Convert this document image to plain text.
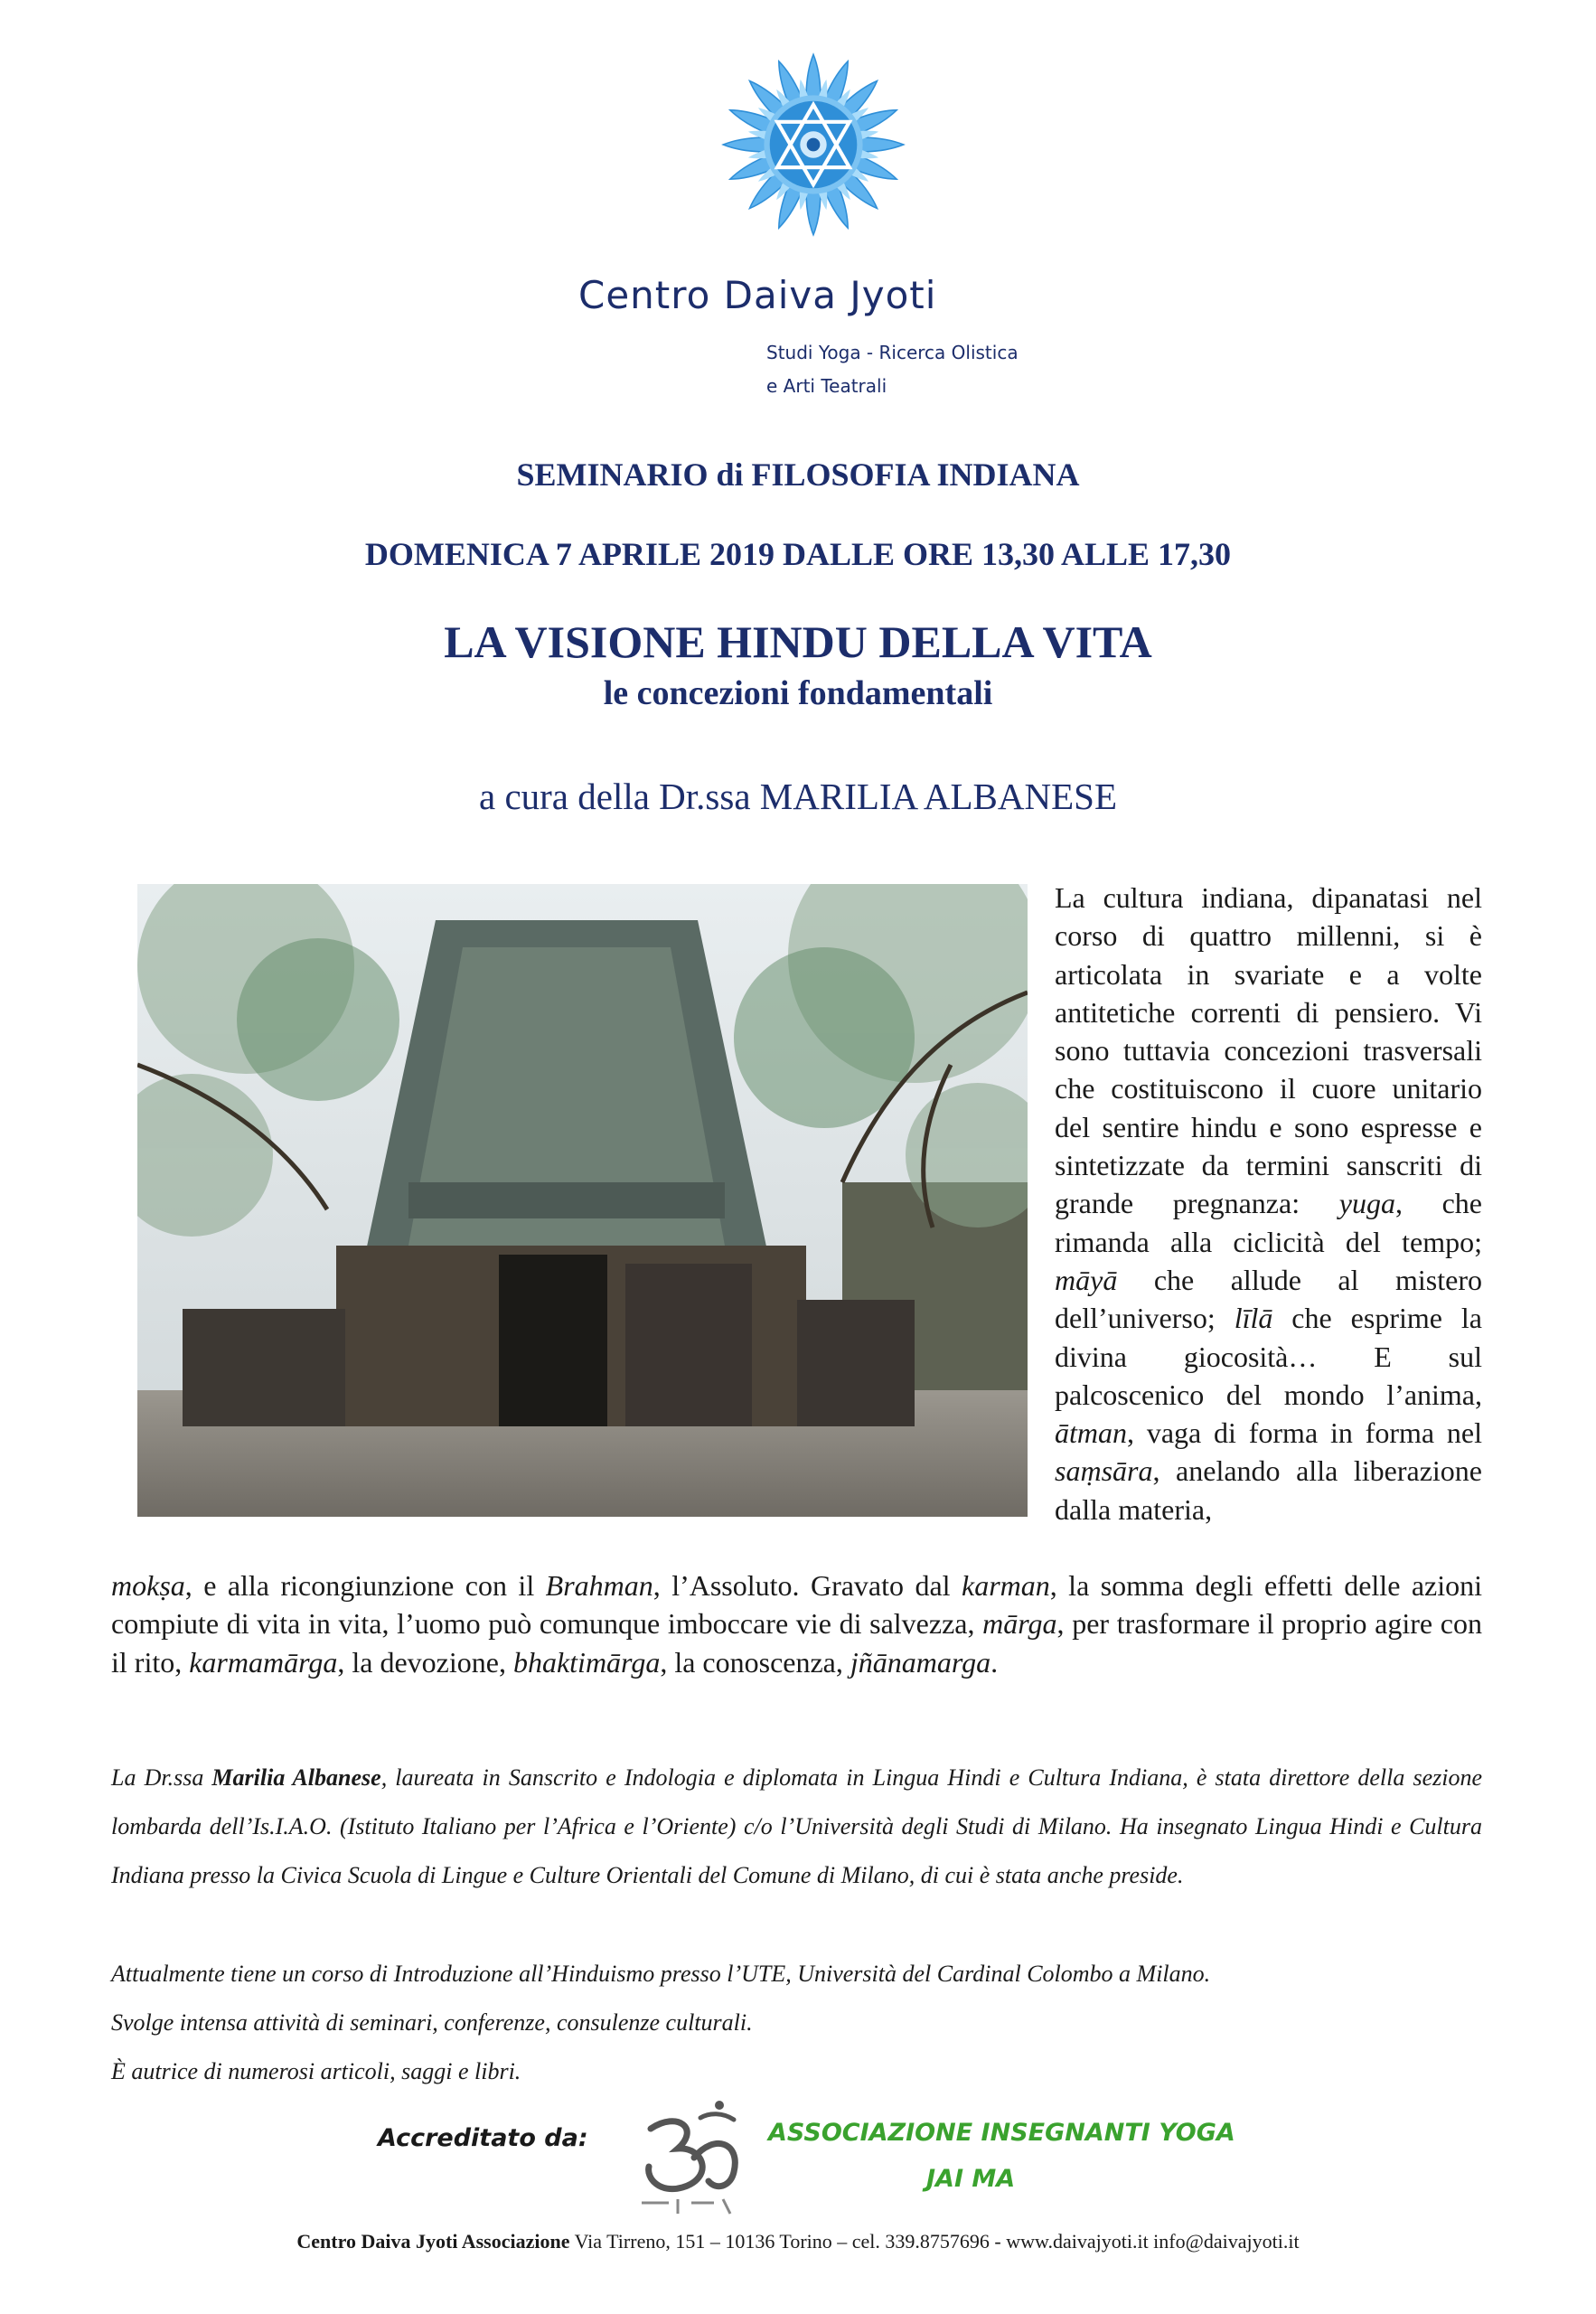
Centro Daiva Jyoti
Studi Yoga - Ricerca Olistica
e Arti Teatrali
SEMINARIO di FILOSOFIA INDIANA
DOMENICA 7 APRILE 2019 DALLE ORE 13,30 ALLE 17,30
LA VISIONE HINDU DELLA VITA
le concezioni fondamentali
a cura della Dr.ssa MARILIA ALBANESE
La cultura indiana, dipanatasi nel corso di quattro millenni, si è articolata in svariate e a volte antitetiche correnti di pensiero. Vi sono tuttavia concezioni trasversali che costituiscono il cuore unitario del sentire hindu e sono espresse e sintetizzate da termini sanscriti di grande pregnanza: yuga, che rimanda alla ciclicità del tempo; māyā che allude al mistero dell’universo; līlā che esprime la divina giocosità… E sul palcoscenico del mondo l’anima, ātman, vaga di forma in forma nel saṃsāra, anelando alla liberazione dalla materia,
mokṣa, e alla ricongiunzione con il Brahman, l’Assoluto. Gravato dal karman, la somma degli effetti delle azioni compiute di vita in vita, l’uomo può comunque imboccare vie di salvezza, mārga, per trasformare il proprio agire con il rito, karmamārga, la devozione, bhaktimārga, la conoscenza, jñānamarga.
La Dr.ssa Marilia Albanese, laureata in Sanscrito e Indologia e diplomata in Lingua Hindi e Cultura Indiana, è stata direttore della sezione lombarda dell’Is.I.A.O. (Istituto Italiano per l’Africa e l’Oriente) c/o l’Università degli Studi di Milano. Ha insegnato Lingua Hindi e Cultura Indiana presso la Civica Scuola di Lingue e Culture Orientali del Comune di Milano, di cui è stata anche preside.
Attualmente tiene un corso di Introduzione all’Hinduismo presso l’UTE, Università del Cardinal Colombo a Milano.
Svolge intensa attività di seminari, conferenze, consulenze culturali.
È autrice di numerosi articoli, saggi e libri.
Accreditato da:	ASSOCIAZIONE INSEGNANTI YOGA
JAI MA
Centro Daiva Jyoti Associazione Via Tirreno, 151 – 10136 Torino – cel. 339.8757696 - www.daivajyoti.it info@daivajyoti.it
